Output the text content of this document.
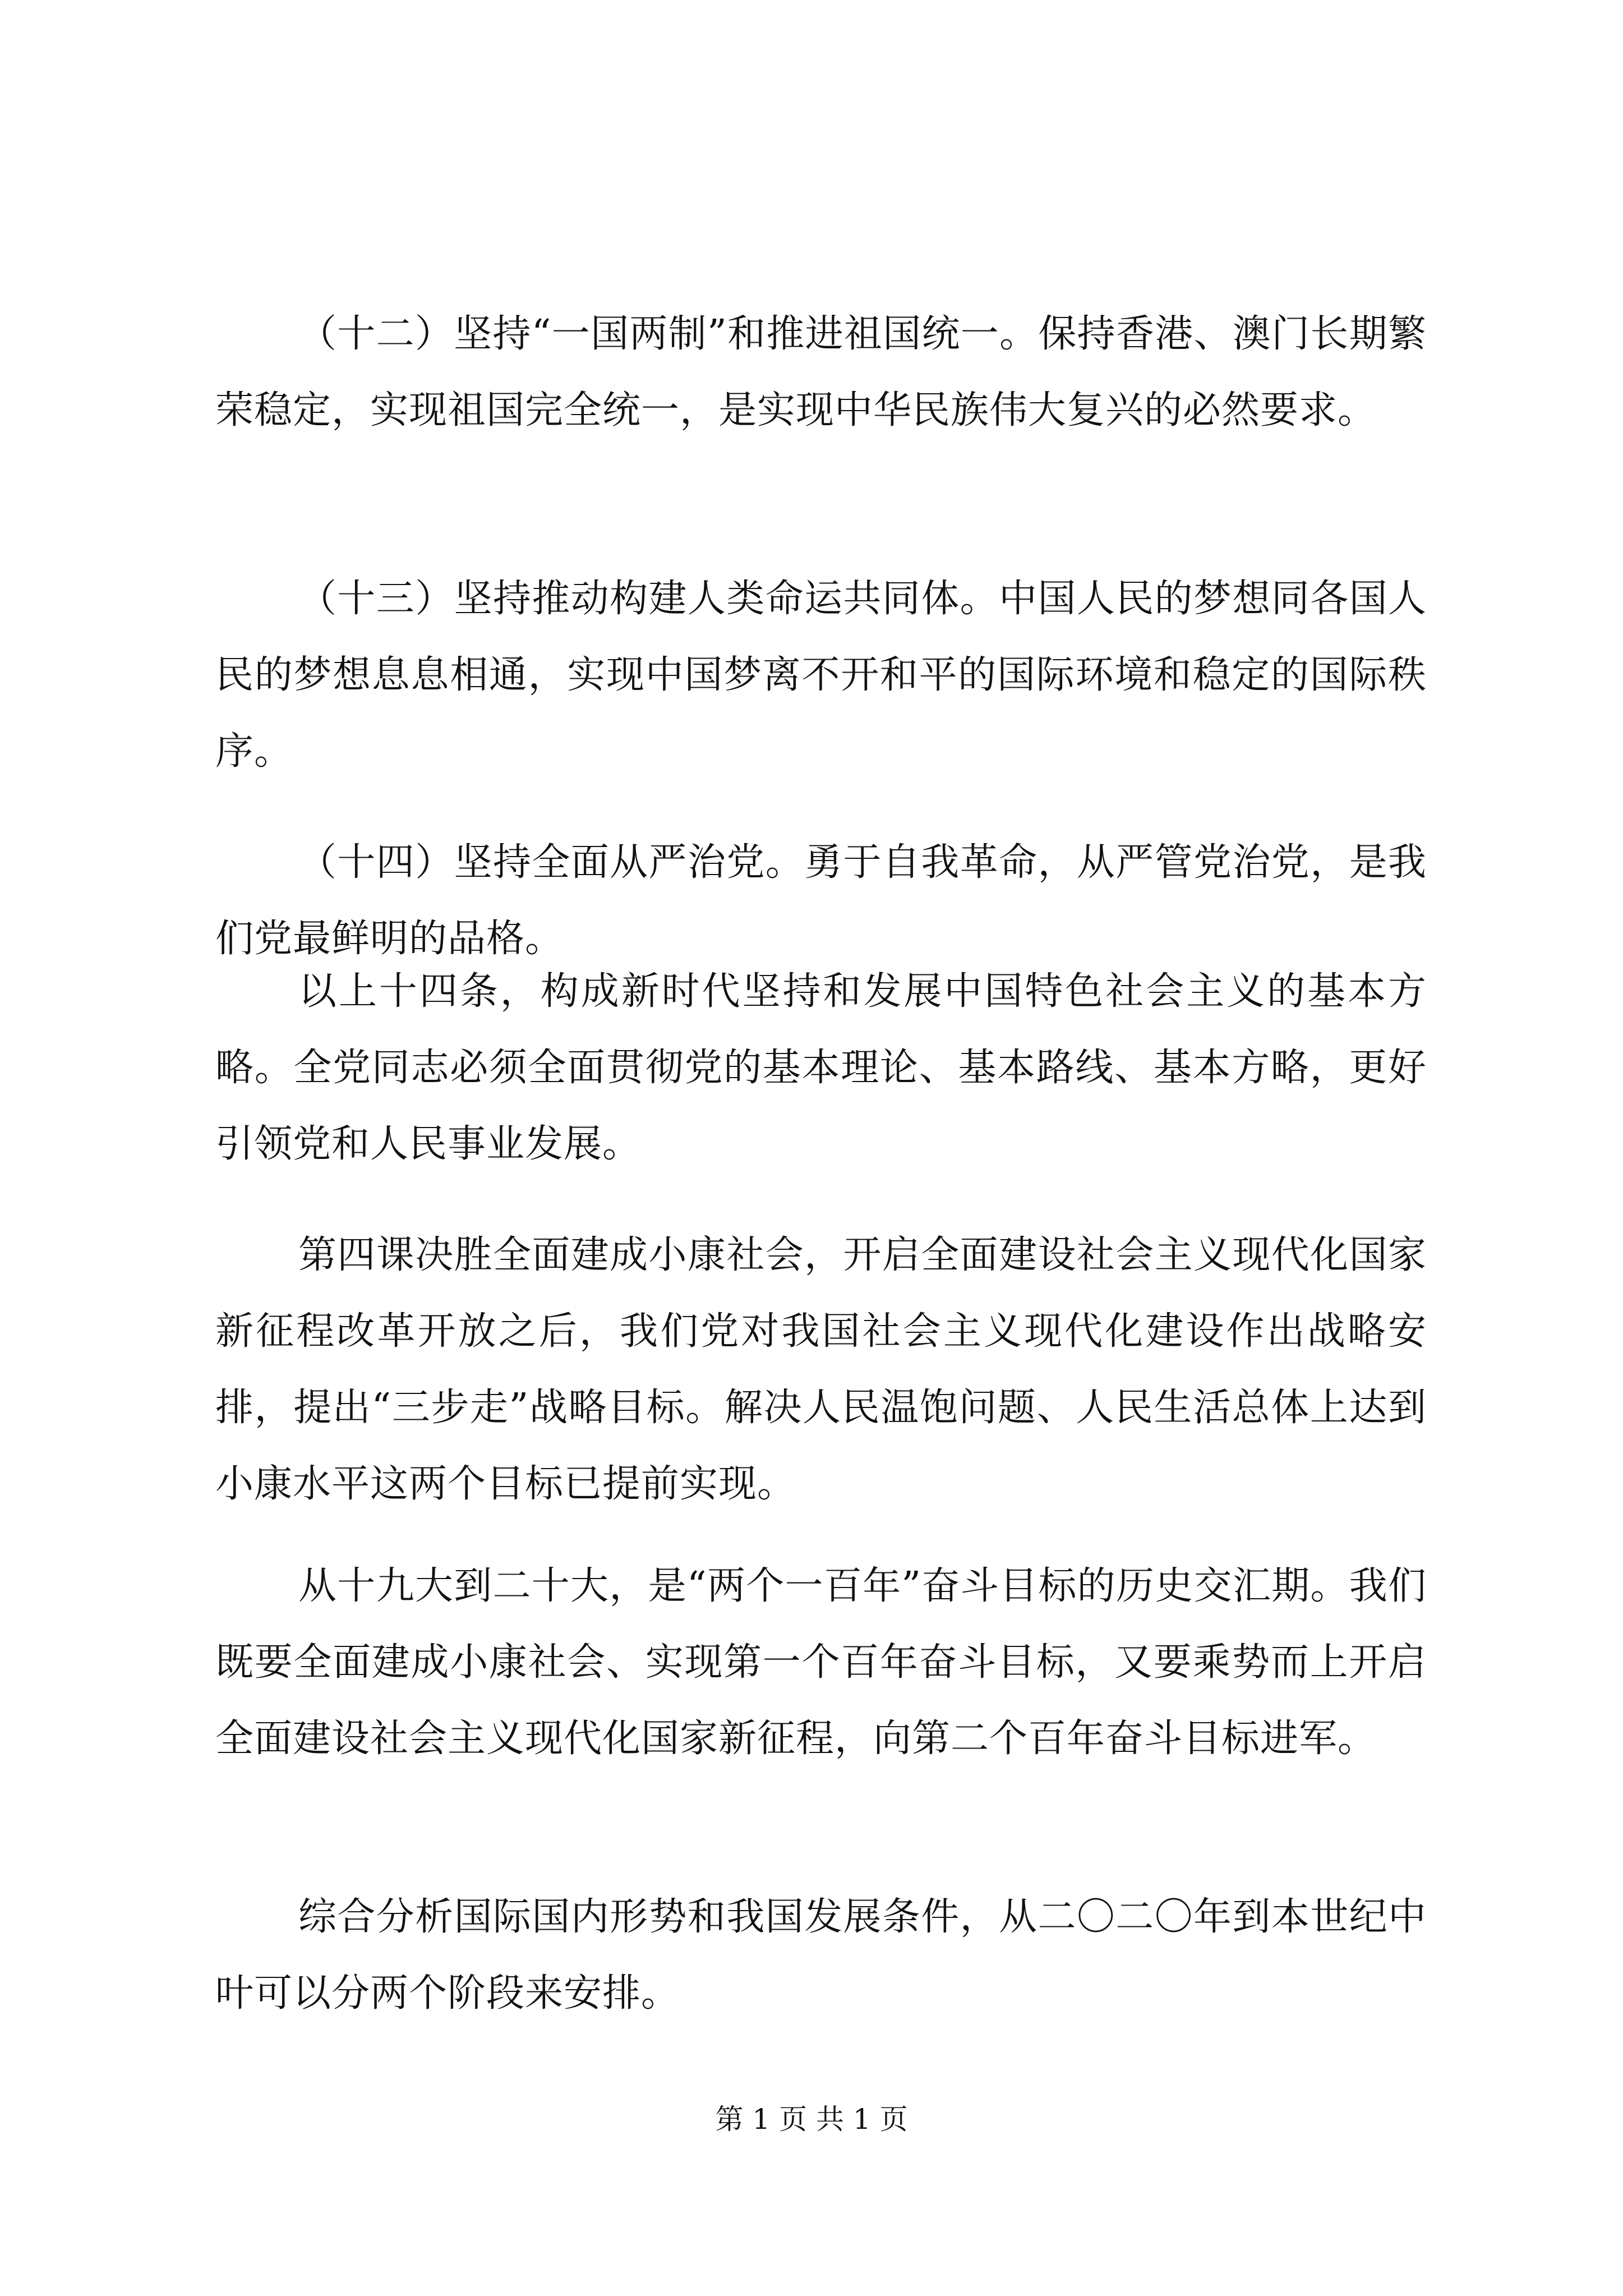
（十二）坚持“一国两制”和推进祖国统一。保持香港、澳门长期繁荣稳定，实现祖国完全统一，是实现中华民族伟大复兴的必然要求。

（十三）坚持推动构建人类命运共同体。中国人民的梦想同各国人民的梦想息息相通，实现中国梦离不开和平的国际环境和稳定的国际秩序。

（十四）坚持全面从严治党。勇于自我革命，从严管党治党，是我们党最鲜明的品格。

以上十四条，构成新时代坚持和发展中国特色社会主义的基本方略。全党同志必须全面贯彻党的基本理论、基本路线、基本方略，更好引领党和人民事业发展。

第四课决胜全面建成小康社会，开启全面建设社会主义现代化国家新征程改革开放之后，我们党对我国社会主义现代化建设作出战略安排，提出“三步走”战略目标。解决人民温饱问题、人民生活总体上达到小康水平这两个目标已提前实现。

从十九大到二十大，是“两个一百年”奋斗目标的历史交汇期。我们既要全面建成小康社会、实现第一个百年奋斗目标，又要乘势而上开启全面建设社会主义现代化国家新征程，向第二个百年奋斗目标进军。

综合分析国际国内形势和我国发展条件，从二〇二〇年到本世纪中叶可以分两个阶段来安排。

第 1 页 共 1 页
